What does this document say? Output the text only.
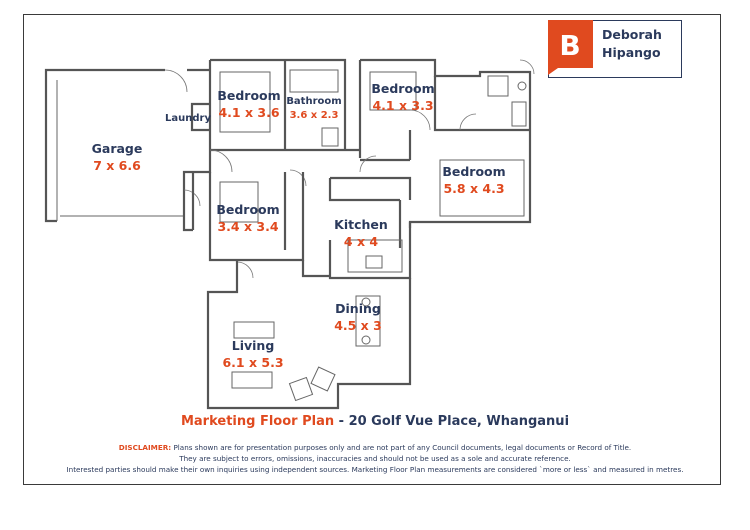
Garage
7 x 6.6
Laundry
Bedroom
4.1 x 3.6
Bathroom
3.6 x 2.3
Bedroom
4.1 x 3.3
Bedroom
5.8 x 4.3
Bedroom
3.4 x 3.4	Kitchen
4 x 4
Dining
4.5 x 3
Living
6.1 x 5.3
B Deborah
Hipango
Marketing Floor Plan - 20 Golf Vue Place, Whanganui
DISCLAIMER: Plans shown are for presentation purposes only and are not part of any Council documents, legal documents or Record of Title.
They are subject to errors, omissions, inaccuracies and should not be used as a sole and accurate reference.
Interested parties should make their own inquiries using independent sources. Marketing Floor Plan measurements are considered `more or less` and measured in metres.
